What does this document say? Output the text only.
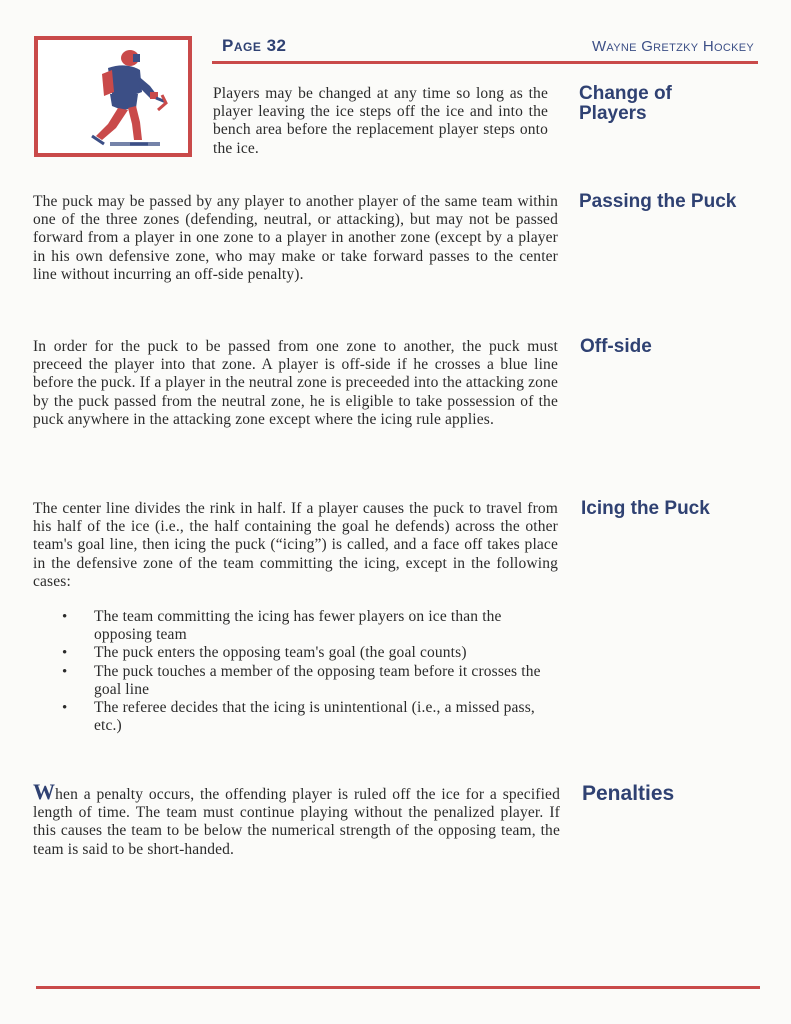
Page 32	Wayne Gretzky Hockey
Players may be changed at any time so long as the player leaving the ice steps off the ice and into the bench area before the replacement player steps onto the ice.
Change of Players
The puck may be passed by any player to another player of the same team within one of the three zones (defending, neutral, or attacking), but may not be passed forward from a player in one zone to a player in another zone (except by a player in his own defensive zone, who may make or take forward passes to the center line without incurring an off-side penalty).
Passing the Puck
In order for the puck to be passed from one zone to another, the puck must preceed the player into that zone. A player is off-side if he crosses a blue line before the puck. If a player in the neutral zone is preceeded into the attacking zone by the puck passed from the neutral zone, he is eligible to take possession of the puck anywhere in the attacking zone except where the icing rule applies.
Off-side
The center line divides the rink in half. If a player causes the puck to travel from his half of the ice (i.e., the half containing the goal he defends) across the other team's goal line, then icing the puck (“icing”) is called, and a face off takes place in the defensive zone of the team committing the icing, except in the following cases:
Icing the Puck
• The team committing the icing has fewer players on ice than the opposing team
• The puck enters the opposing team's goal (the goal counts)
• The puck touches a member of the opposing team before it crosses the goal line
• The referee decides that the icing is unintentional (i.e., a missed pass, etc.)
When a penalty occurs, the offending player is ruled off the ice for a specified length of time. The team must continue playing without the penalized player. If this causes the team to be below the numerical strength of the opposing team, the team is said to be short-handed.
Penalties
